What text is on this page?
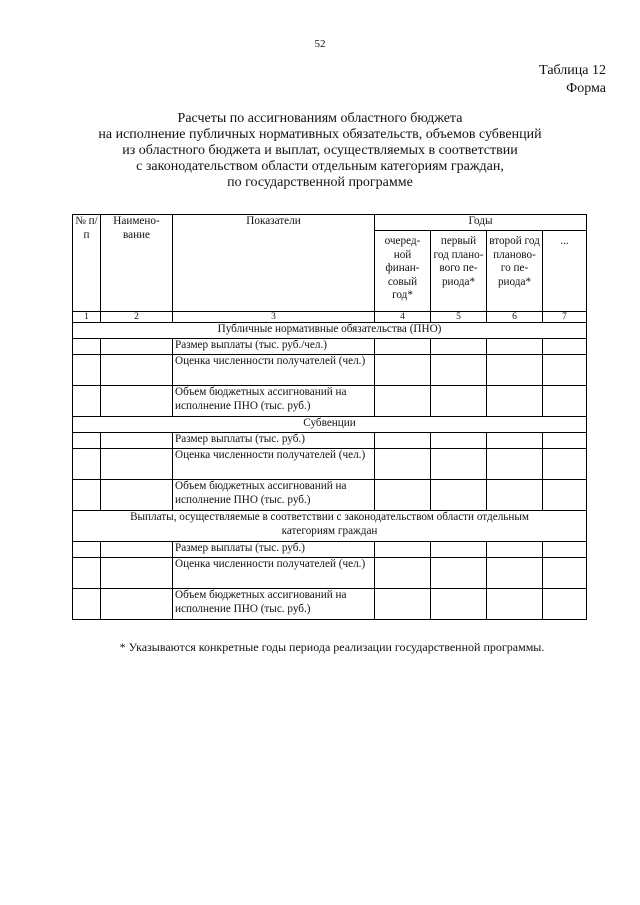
52
Таблица 12
Форма
Расчеты по ассигнованиям областного бюджета
на исполнение публичных нормативных обязательств, объемов субвенций
из областного бюджета и выплат, осуществляемых в соответствии
с законодательством области отдельным категориям граждан,
по государственной программе
№ п/п	Наимено-вание	Показатели	Годы			
			очеред-ной финан-совый год*	первый год плано-вого пе-риода*	второй год планово-го пе-риода*	...
1	2	3	4	5	6	7
Публичные нормативные обязательства (ПНО)						
		Размер выплаты (тыс. руб./чел.)				
		Оценка численности получателей (чел.)				
		Объем бюджетных ассигнований на исполнение ПНО (тыс. руб.)				
Субвенции						
		Размер выплаты (тыс. руб.)				
		Оценка численности получателей (чел.)				
		Объем бюджетных ассигнований на исполнение ПНО (тыс. руб.)				
Выплаты, осуществляемые в соответствии с законодательством области отдельным категориям граждан						
		Размер выплаты (тыс. руб.)				
		Оценка численности получателей (чел.)				
		Объем бюджетных ассигнований на исполнение ПНО (тыс. руб.)				
* Указываются конкретные годы периода реализации государственной программы.
